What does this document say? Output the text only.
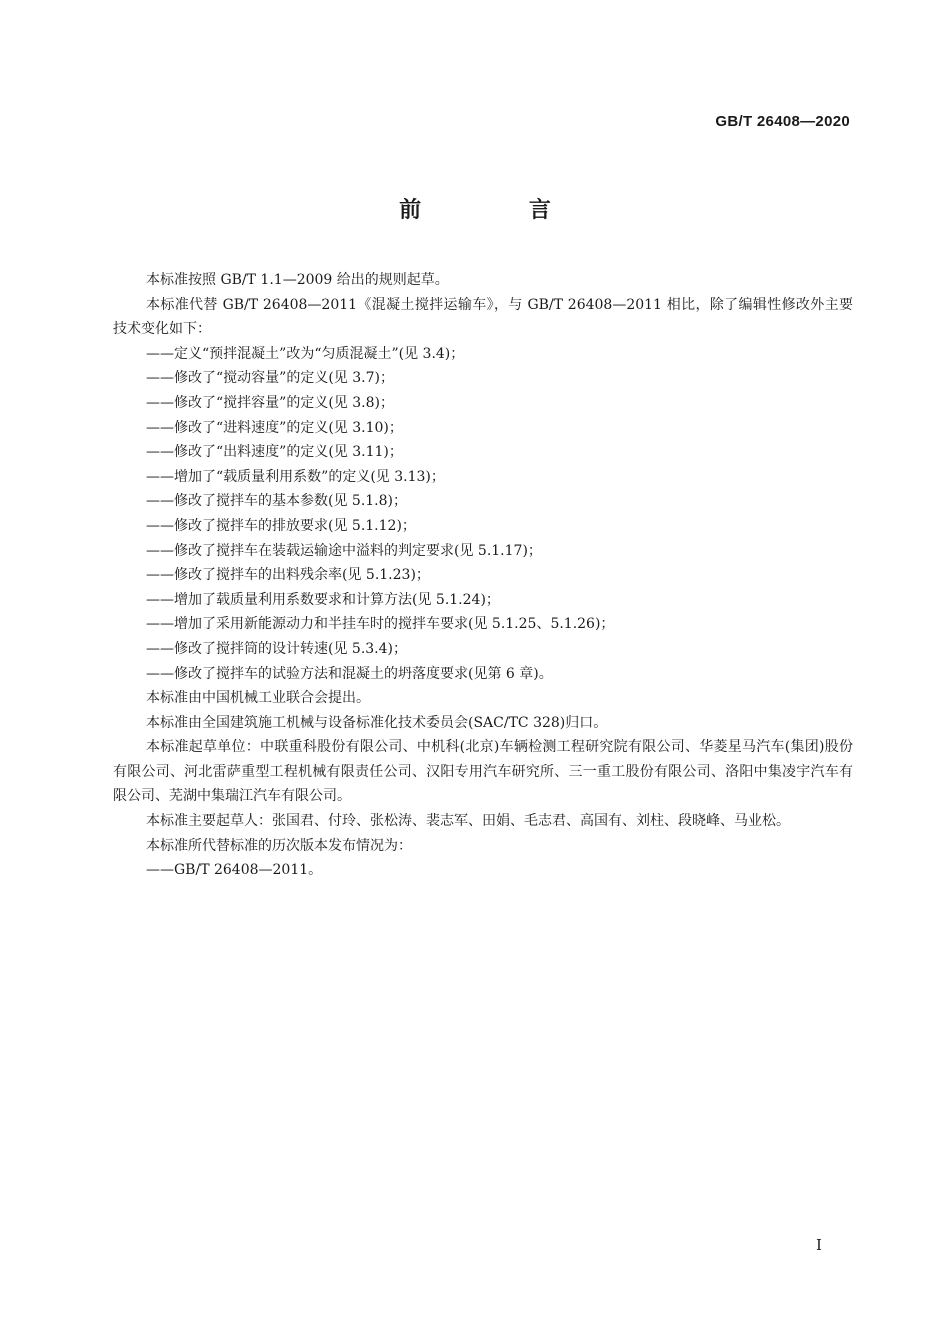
GB/T 26408—2020
前 言

本标准按照 GB/T 1.1—2009 给出的规则起草。

本标准代替 GB/T 26408—2011《混凝土搅拌运输车》，与 GB/T 26408—2011 相比，除了编辑性修改外主要技术变化如下：

——定义“预拌混凝土”改为“匀质混凝土”(见 3.4)；

——修改了“搅动容量”的定义(见 3.7)；

——修改了“搅拌容量”的定义(见 3.8)；

——修改了“进料速度”的定义(见 3.10)；

——修改了“出料速度”的定义(见 3.11)；

——增加了“载质量利用系数”的定义(见 3.13)；

——修改了搅拌车的基本参数(见 5.1.8)；

——修改了搅拌车的排放要求(见 5.1.12)；

——修改了搅拌车在装载运输途中溢料的判定要求(见 5.1.17)；

——修改了搅拌车的出料残余率(见 5.1.23)；

——增加了载质量利用系数要求和计算方法(见 5.1.24)；

——增加了采用新能源动力和半挂车时的搅拌车要求(见 5.1.25、5.1.26)；

——修改了搅拌筒的设计转速(见 5.3.4)；

——修改了搅拌车的试验方法和混凝土的坍落度要求(见第 6 章)。

本标准由中国机械工业联合会提出。

本标准由全国建筑施工机械与设备标准化技术委员会(SAC/TC 328)归口。

本标准起草单位：中联重科股份有限公司、中机科(北京)车辆检测工程研究院有限公司、华菱星马汽车(集团)股份有限公司、河北雷萨重型工程机械有限责任公司、汉阳专用汽车研究所、三一重工股份有限公司、洛阳中集凌宇汽车有限公司、芜湖中集瑞江汽车有限公司。

本标准主要起草人：张国君、付玲、张松涛、裴志军、田娟、毛志君、高国有、刘柱、段晓峰、马业松。

本标准所代替标准的历次版本发布情况为：

——GB/T 26408—2011。

I
